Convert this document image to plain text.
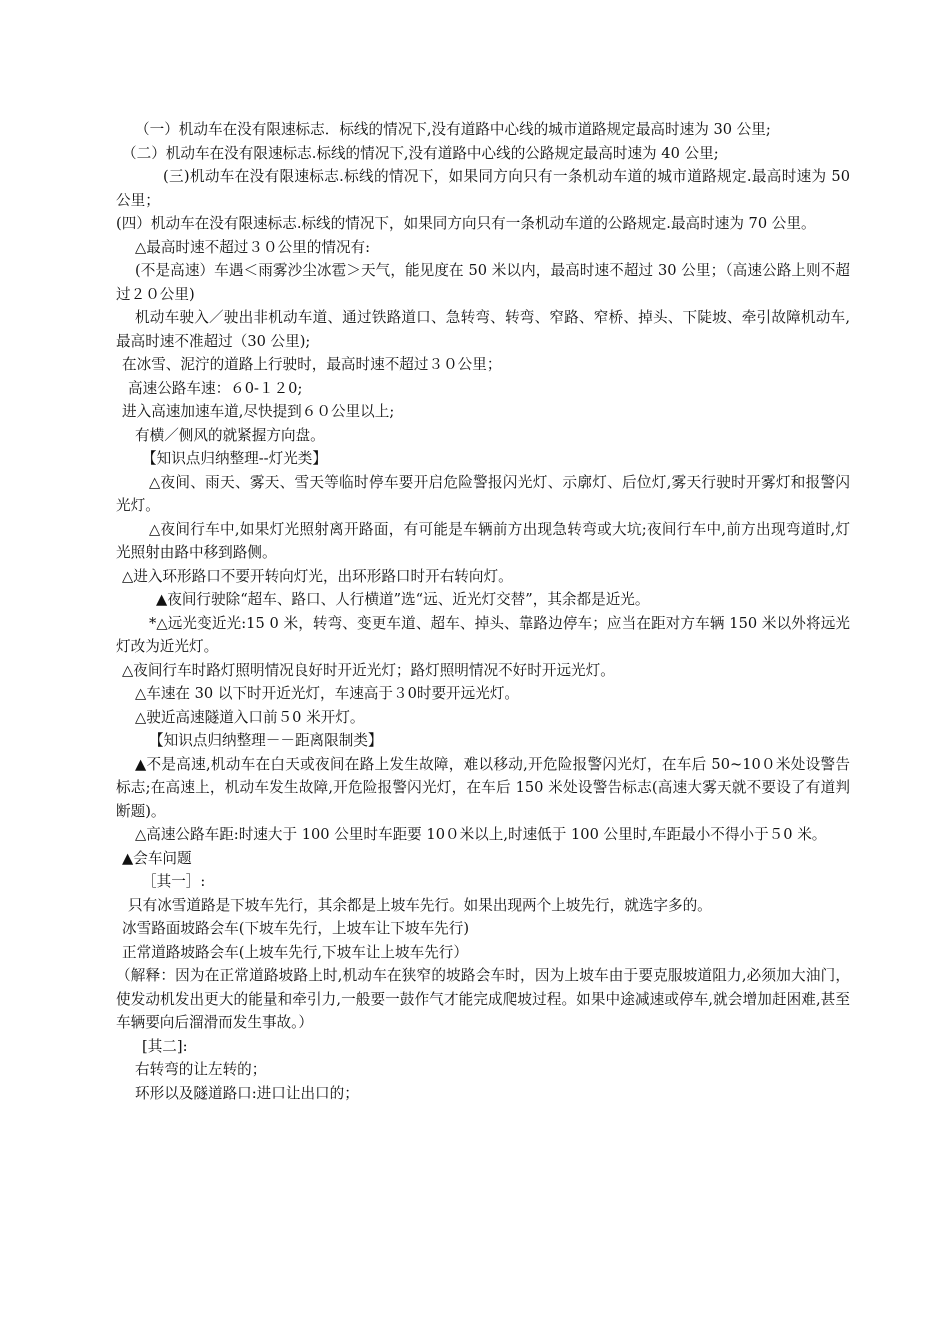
（一）机动车在没有限速标志．标线的情况下,没有道路中心线的城市道路规定最高时速为 30 公里;

（二）机动车在没有限速标志.标线的情况下,没有道路中心线的公路规定最高时速为 40 公里;

(三)机动车在没有限速标志.标线的情况下，如果同方向只有一条机动车道的城市道路规定.最高时速为 50 公里；

(四）机动车在没有限速标志.标线的情况下，如果同方向只有一条机动车道的公路规定.最高时速为 70 公里。

△最高时速不超过３０公里的情况有:

(不是高速）车遇＜雨雾沙尘冰雹＞天气，能见度在 50 米以内，最高时速不超过 30 公里；（高速公路上则不超过２０公里)

机动车驶入／驶出非机动车道、通过铁路道口、急转弯、转弯、窄路、窄桥、掉头、下陡坡、牵引故障机动车,最高时速不准超过（30 公里);

在冰雪、泥泞的道路上行驶时，最高时速不超过３０公里；

高速公路车速：６0-１２0;

进入高速加速车道,尽快提到６０公里以上;

有横／侧风的就紧握方向盘。

【知识点归纳整理--灯光类】

△夜间、雨天、雾天、雪天等临时停车要开启危险警报闪光灯、示廓灯、后位灯,雾天行驶时开雾灯和报警闪光灯。

△夜间行车中,如果灯光照射离开路面，有可能是车辆前方出现急转弯或大坑;夜间行车中,前方出现弯道时,灯光照射由路中移到路侧。

△进入环形路口不要开转向灯光，出环形路口时开右转向灯。

▲夜间行驶除“超车、路口、人行横道”选“远、近光灯交替”，其余都是近光。

*△远光变近光:15 0 米，转弯、变更车道、超车、掉头、靠路边停车；应当在距对方车辆 150 米以外将远光灯改为近光灯。

△夜间行车时路灯照明情况良好时开近光灯；路灯照明情况不好时开远光灯。

△车速在 30 以下时开近光灯，车速高于３0时要开远光灯。

△驶近高速隧道入口前５0 米开灯。

【知识点归纳整理－－距离限制类】

▲不是高速,机动车在白天或夜间在路上发生故障，难以移动,开危险报警闪光灯，在车后 50~10０米处设警告标志;在高速上，机动车发生故障,开危险报警闪光灯，在车后 150 米处设警告标志(高速大雾天就不要设了有道判断题)。

△高速公路车距:时速大于 100 公里时车距要 10０米以上,时速低于 100 公里时,车距最小不得小于５0 米。

▲会车问题

［其一］:

只有冰雪道路是下坡车先行，其余都是上坡车先行。如果出现两个上坡先行，就选字多的。

冰雪路面坡路会车(下坡车先行，上坡车让下坡车先行)

正常道路坡路会车(上坡车先行,下坡车让上坡车先行）

（解释：因为在正常道路坡路上时,机动车在狭窄的坡路会车时，因为上坡车由于要克服坡道阻力,必须加大油门，使发动机发出更大的能量和牵引力,一般要一鼓作气才能完成爬坡过程。如果中途减速或停车,就会增加赶困难,甚至车辆要向后溜滑而发生事故。）

[其二]:

右转弯的让左转的；

环形以及隧道路口:进口让出口的；
